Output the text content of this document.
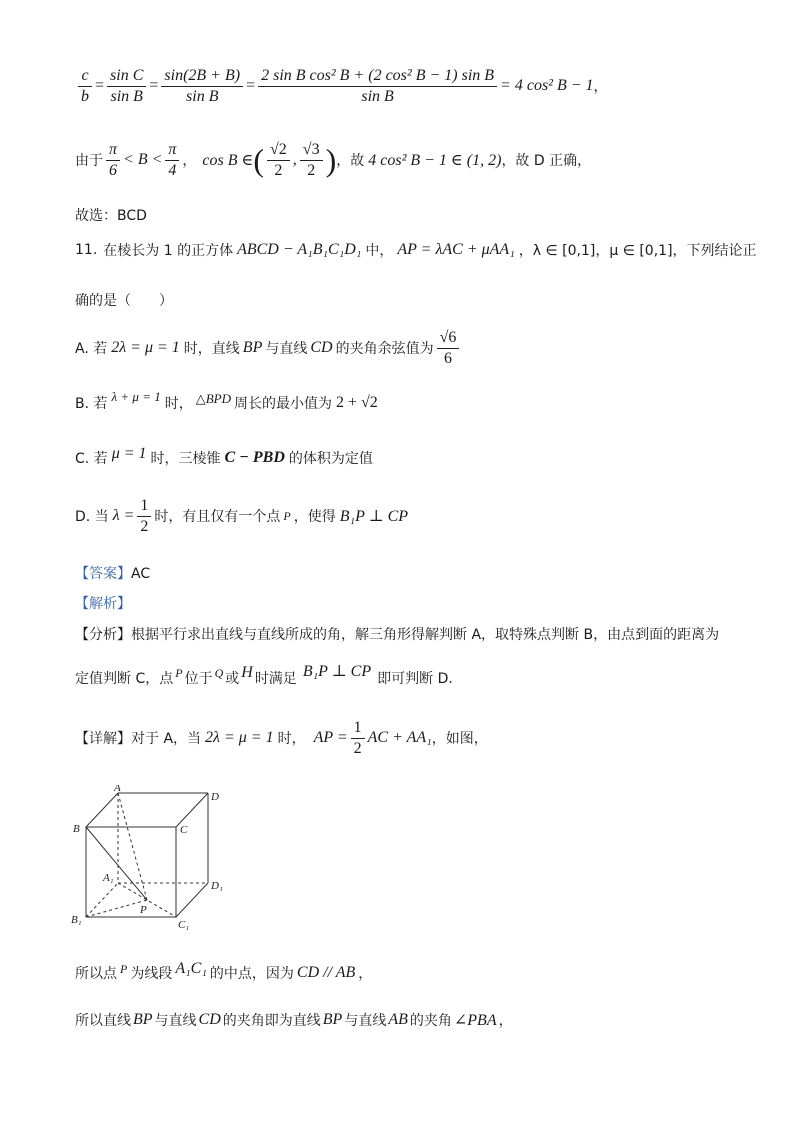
$\frac{c}{b} = \frac{\text{sin C}}{\text{sin B}} = \frac{\sin(2B + B)}{\text{sin B}} = \frac{\text{2 sin B cos² B + (2 cos² B − 1) sin B}}{\text{sin B}} = 4$ cos² B − 1 ，
由于 $\frac{\pi}{6} < B < \frac{\pi}{4}$ ， cos B ∈ ( $\frac{√2}{2}$ , $\frac{√3}{2}$ ) ，故 4 cos² B − 1 ∈ (1, 2) ，故 D 正确，
故选：BCD
11. 在棱长为 1 的正方体 ABCD − A₁B₁C₁D₁ 中， AP = λAC + μAA₁ ，λ ∈ [0,1]，μ ∈ [0,1]，下列结论正
确的是（　　）
A. 若 2λ = μ = 1 时，直线 BP 与直线 CD 的夹角余弦值为 $\frac{√6}{6}$
B. 若 λ + μ = 1 时， △BPD 周长的最小值为 2 + √2
C. 若 μ = 1 时，三棱锥 C − PBD 的体积为定值
D. 当 $\lambda = \frac{1}{2}$ 时，有且仅有一个点 P ，使得 B₁P ⊥ CP
【答案】AC
【解析】
【分析】根据平行求出直线与直线所成的角，解三角形得解判断 A，取特殊点判断 B，由点到面的距离为
定值判断 C，点 P 位于 Q 或 H 时满足 B₁P ⊥ CP 即可判断 D.
【详解】 对于 A，当 2λ = μ = 1 时， AP = $\frac{1}{2}$ AC + AA₁ ，如图，
A
D
B	C
A₁
D₁
B₁	C₁
P
所以点 P 为线段 A₁C₁ 的中点，因为 CD // AB ，
所以直线 BP 与直线 CD 的夹角即为直线 BP 与直线 AB 的夹角 ∠PBA ，
